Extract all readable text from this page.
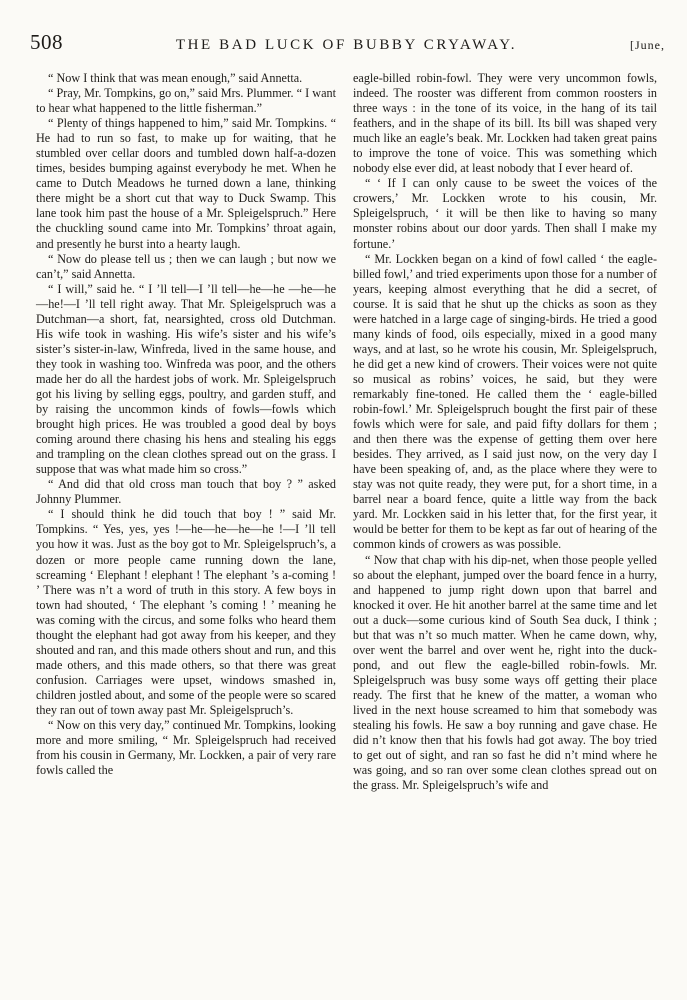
508	THE BAD LUCK OF BUBBY CRYAWAY.	[June,

“ Now I think that was mean enough,” said Annetta.

“ Pray, Mr. Tompkins, go on,” said Mrs. Plummer. “ I want to hear what happened to the little fisherman.”

“ Plenty of things happened to him,” said Mr. Tompkins. “ He had to run so fast, to make up for waiting, that he stumbled over cellar doors and tumbled down half-a-dozen times, besides bumping against everybody he met. When he came to Dutch Meadows he turned down a lane, thinking there might be a short cut that way to Duck Swamp. This lane took him past the house of a Mr. Spleigelspruch.” Here the chuckling sound came into Mr. Tompkins’ throat again, and presently he burst into a hearty laugh.

“ Now do please tell us ; then we can laugh ; but now we can’t,” said Annetta.

“ I will,” said he. “ I ’ll tell—I ’ll tell—he—he —he—he—he!—I ’ll tell right away. That Mr. Spleigelspruch was a Dutchman—a short, fat, nearsighted, cross old Dutchman. His wife took in washing. His wife’s sister and his wife’s sister’s sister-in-law, Winfreda, lived in the same house, and they took in washing too. Winfreda was poor, and the others made her do all the hardest jobs of work. Mr. Spleigelspruch got his living by selling eggs, poultry, and garden stuff, and by raising the uncommon kinds of fowls—fowls which brought high prices. He was troubled a good deal by boys coming around there chasing his hens and stealing his eggs and trampling on the clean clothes spread out on the grass. I suppose that was what made him so cross.”

“ And did that old cross man touch that boy ? ” asked Johnny Plummer.

“ I should think he did touch that boy ! ” said Mr. Tompkins. “ Yes, yes, yes !—he—he—he—he !—I ’ll tell you how it was. Just as the boy got to Mr. Spleigelspruch’s, a dozen or more people came running down the lane, screaming ‘ Elephant ! elephant ! The elephant ’s a-coming ! ’ There was n’t a word of truth in this story. A few boys in town had shouted, ‘ The elephant ’s coming ! ’ meaning he was coming with the circus, and some folks who heard them thought the elephant had got away from his keeper, and they shouted and ran, and this made others shout and run, and this made others, and this made others, so that there was great confusion. Carriages were upset, windows smashed in, children jostled about, and some of the people were so scared they ran out of town away past Mr. Spleigelspruch’s.

“ Now on this very day,” continued Mr. Tompkins, looking more and more smiling, “ Mr. Spleigelspruch had received from his cousin in Germany, Mr. Lockken, a pair of very rare fowls called the

eagle-billed robin-fowl. They were very uncommon fowls, indeed. The rooster was different from common roosters in three ways : in the tone of its voice, in the hang of its tail feathers, and in the shape of its bill. Its bill was shaped very much like an eagle’s beak. Mr. Lockken had taken great pains to improve the tone of voice. This was something which nobody else ever did, at least nobody that I ever heard of.

“ ‘ If I can only cause to be sweet the voices of the crowers,’ Mr. Lockken wrote to his cousin, Mr. Spleigelspruch, ‘ it will be then like to having so many monster robins about our door yards. Then shall I make my fortune.’

“ Mr. Lockken began on a kind of fowl called ‘ the eagle-billed fowl,’ and tried experiments upon those for a number of years, keeping almost everything that he did a secret, of course. It is said that he shut up the chicks as soon as they were hatched in a large cage of singing-birds. He tried a good many kinds of food, oils especially, mixed in a good many ways, and at last, so he wrote his cousin, Mr. Spleigelspruch, he did get a new kind of crowers. Their voices were not quite so musical as robins’ voices, he said, but they were remarkably fine-toned. He called them the ‘ eagle-billed robin-fowl.’ Mr. Spleigelspruch bought the first pair of these fowls which were for sale, and paid fifty dollars for them ; and then there was the expense of getting them over here besides. They arrived, as I said just now, on the very day I have been speaking of, and, as the place where they were to stay was not quite ready, they were put, for a short time, in a barrel near a board fence, quite a little way from the back yard. Mr. Lockken said in his letter that, for the first year, it would be better for them to be kept as far out of hearing of the common kinds of crowers as was possible.

“ Now that chap with his dip-net, when those people yelled so about the elephant, jumped over the board fence in a hurry, and happened to jump right down upon that barrel and knocked it over. He hit another barrel at the same time and let out a duck—some curious kind of South Sea duck, I think ; but that was n’t so much matter. When he came down, why, over went the barrel and over went he, right into the duck-pond, and out flew the eagle-billed robin-fowls. Mr. Spleigelspruch was busy some ways off getting their place ready. The first that he knew of the matter, a woman who lived in the next house screamed to him that somebody was stealing his fowls. He saw a boy running and gave chase. He did n’t know then that his fowls had got away. The boy tried to get out of sight, and ran so fast he did n’t mind where he was going, and so ran over some clean clothes spread out on the grass. Mr. Spleigelspruch’s wife and
